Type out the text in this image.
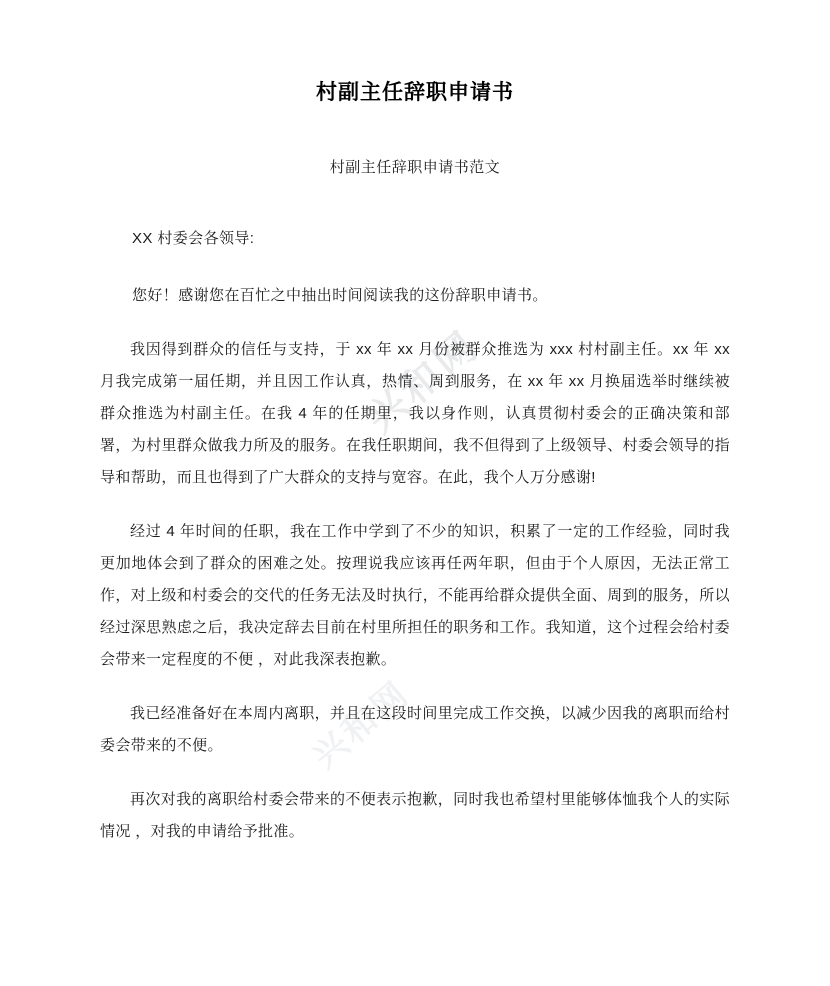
兴和网
兴和网
村副主任辞职申请书

村副主任辞职申请书范文

XX 村委会各领导:

您好！感谢您在百忙之中抽出时间阅读我的这份辞职申请书。

我因得到群众的信任与支持，于 xx 年 xx 月份被群众推选为 xxx 村村副主任。xx 年 xx 月我完成第一届任期，并且因工作认真，热情、周到服务，在 xx 年 xx 月换届选举时继续被群众推选为村副主任。在我 4 年的任期里，我以身作则，认真贯彻村委会的正确决策和部署，为村里群众做我力所及的服务。在我任职期间，我不但得到了上级领导、村委会领导的指导和帮助，而且也得到了广大群众的支持与宽容。在此，我个人万分感谢!

经过 4 年时间的任职，我在工作中学到了不少的知识，积累了一定的工作经验，同时我更加地体会到了群众的困难之处。按理说我应该再任两年职，但由于个人原因，无法正常工作，对上级和村委会的交代的任务无法及时执行，不能再给群众提供全面、周到的服务，所以经过深思熟虑之后，我决定辞去目前在村里所担任的职务和工作。我知道，这个过程会给村委会带来一定程度的不便 ，对此我深表抱歉。

我已经准备好在本周内离职，并且在这段时间里完成工作交换，以减少因我的离职而给村委会带来的不便。

再次对我的离职给村委会带来的不便表示抱歉，同时我也希望村里能够体恤我个人的实际情况 ，对我的申请给予批准。
